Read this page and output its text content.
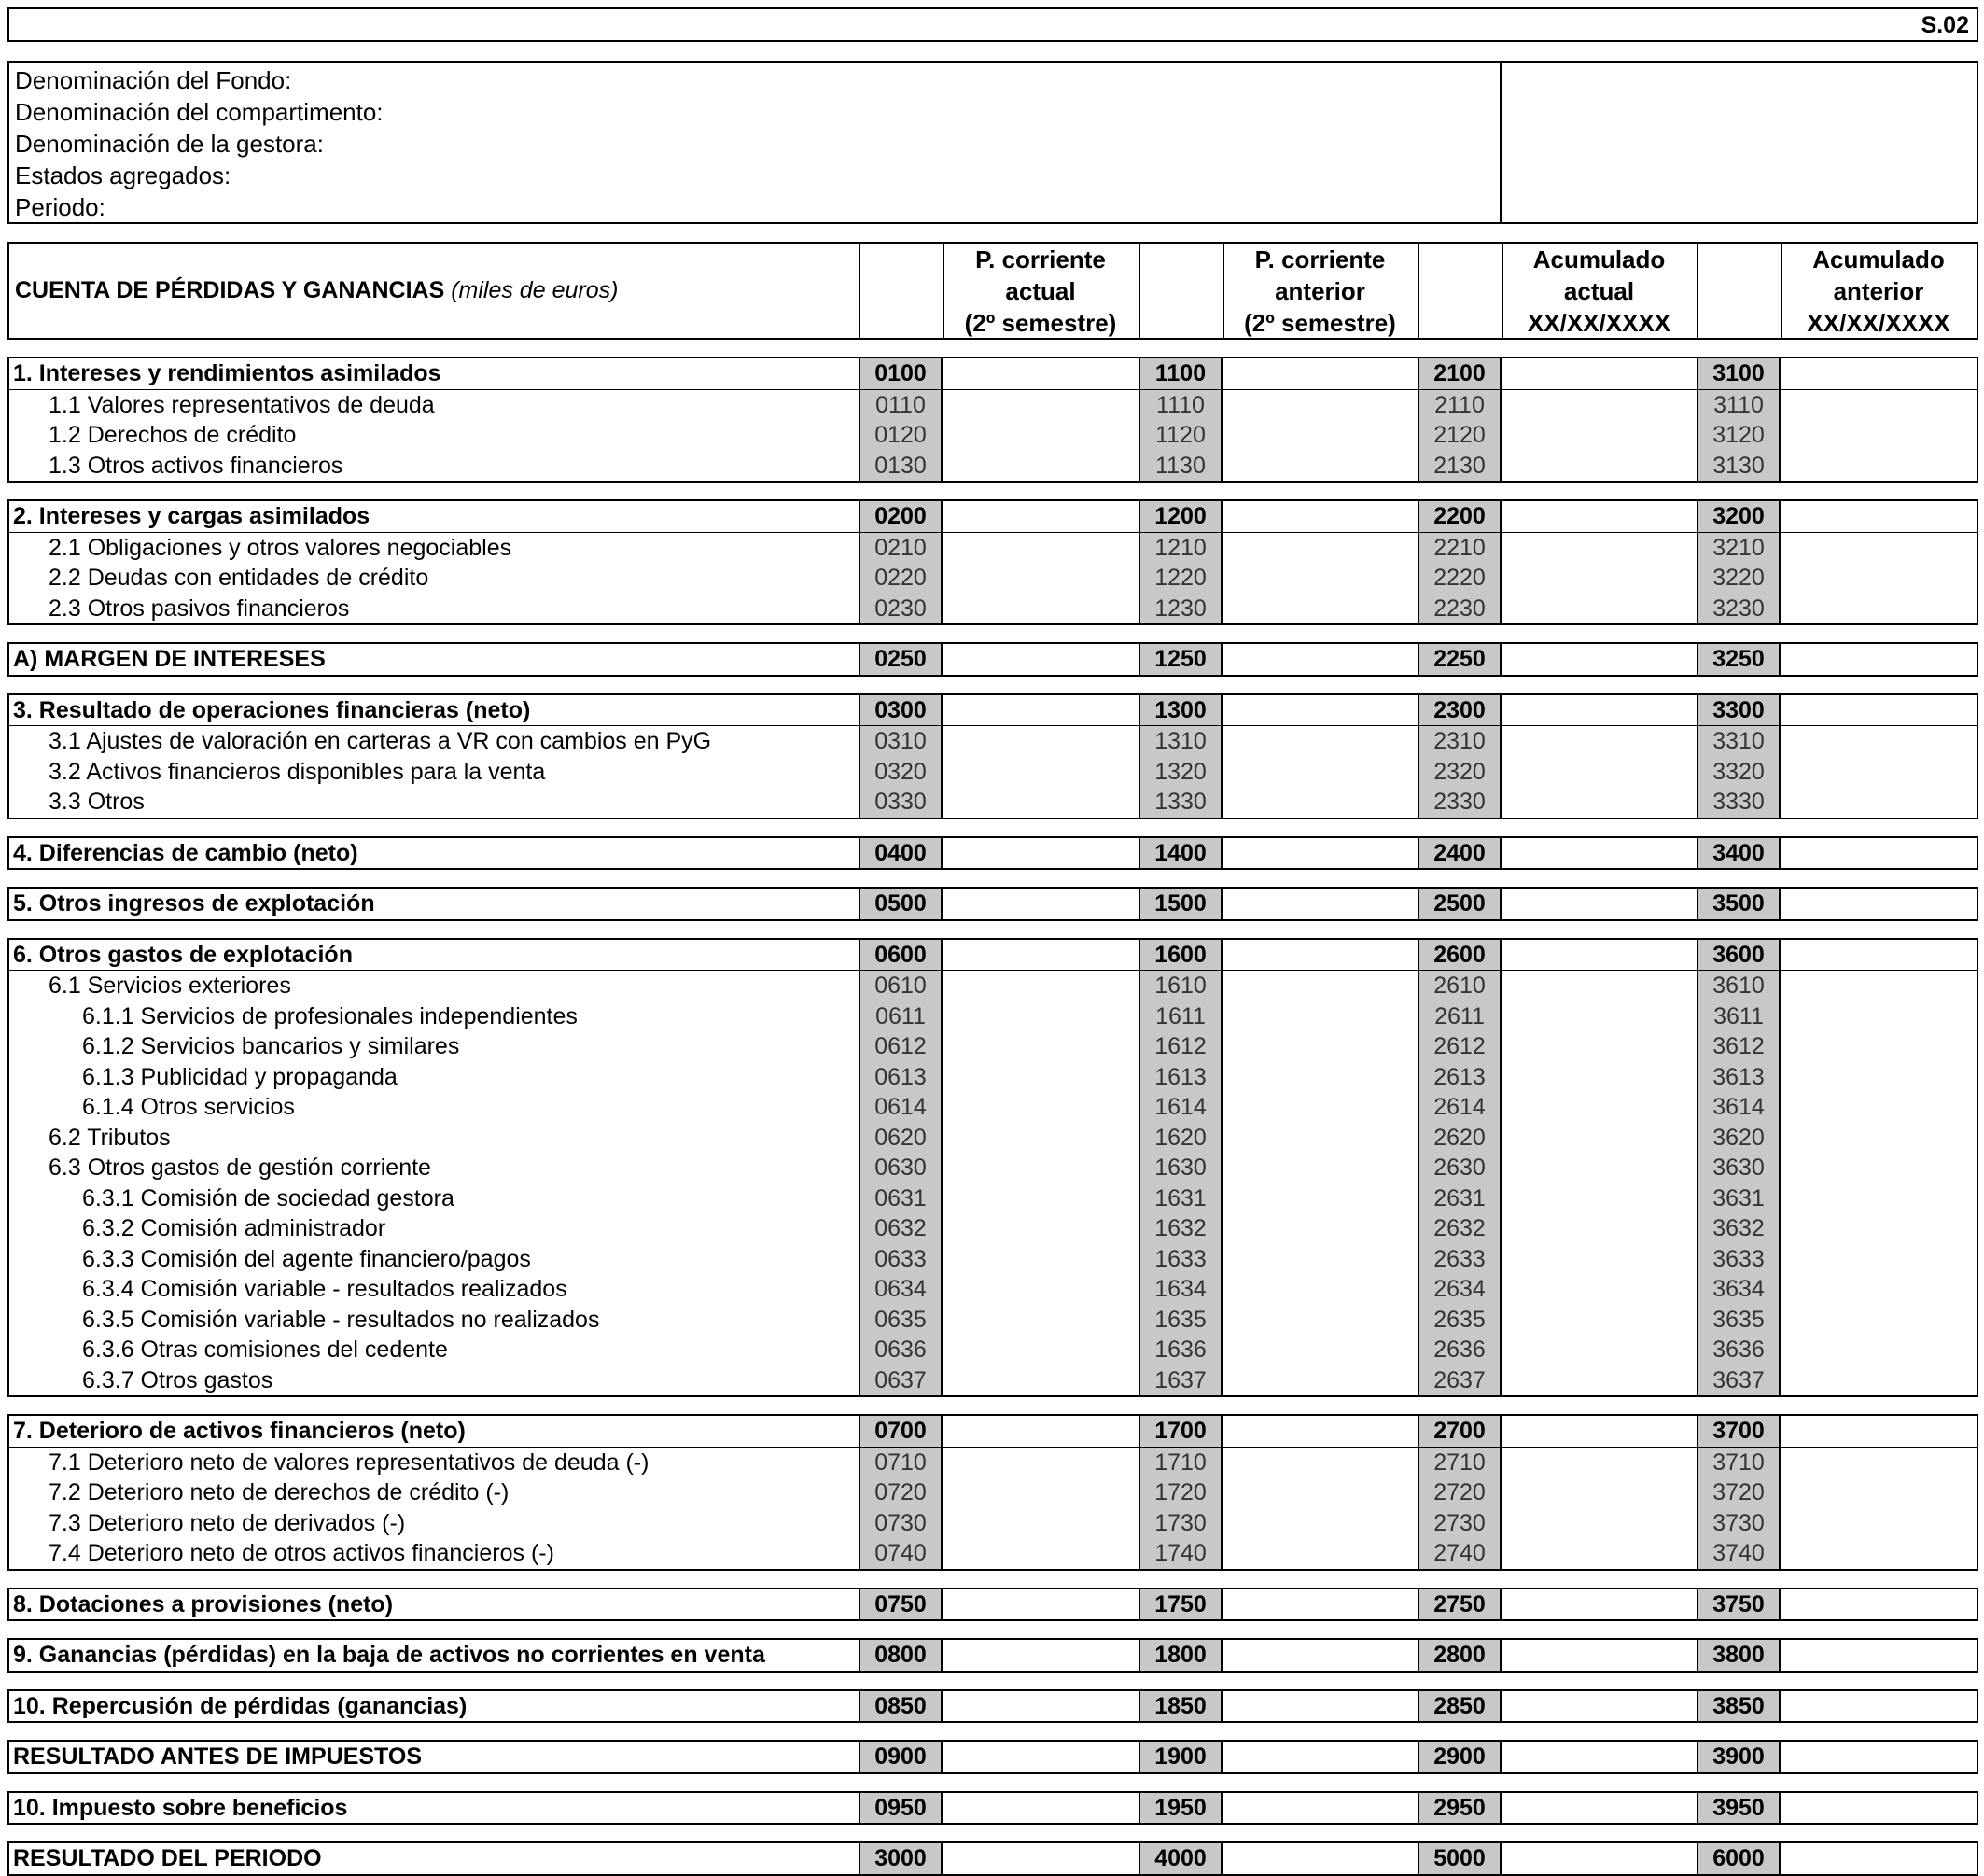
S.02
Denominación del Fondo:
Denominación del compartimento:
Denominación de la gestora:
Estados agregados:
Periodo:
CUENTA DE PÉRDIDAS Y GANANCIAS (miles de euros)
P. corriente
actual
(2º semestre)
P. corriente
anterior
(2º semestre)
Acumulado
actual
XX/XX/XXXX
Acumulado
anterior
XX/XX/XXXX
1. Intereses y rendimientos asimilados	0100	1100	2100	3100
1.1 Valores representativos de deuda	0110	1110	2110	3110
1.2 Derechos de crédito	0120	1120	2120	3120
1.3 Otros activos financieros	0130	1130	2130	3130
2. Intereses y cargas asimilados	0200	1200	2200	3200
2.1 Obligaciones y otros valores negociables	0210	1210	2210	3210
2.2 Deudas con entidades de crédito	0220	1220	2220	3220
2.3 Otros pasivos financieros	0230	1230	2230	3230
A) MARGEN DE INTERESES	0250	1250	2250	3250
3. Resultado de operaciones financieras (neto)	0300	1300	2300	3300
3.1 Ajustes de valoración en carteras a VR con cambios en PyG	0310	1310	2310	3310
3.2 Activos financieros disponibles para la venta	0320	1320	2320	3320
3.3 Otros	0330	1330	2330	3330
4. Diferencias de cambio (neto)	0400	1400	2400	3400
5. Otros ingresos de explotación	0500	1500	2500	3500
6. Otros gastos de explotación	0600	1600	2600	3600
6.1 Servicios exteriores	0610	1610	2610	3610
6.1.1 Servicios de profesionales independientes	0611	1611	2611	3611
6.1.2 Servicios bancarios y similares	0612	1612	2612	3612
6.1.3 Publicidad y propaganda	0613	1613	2613	3613
6.1.4 Otros servicios	0614	1614	2614	3614
6.2 Tributos	0620	1620	2620	3620
6.3 Otros gastos de gestión corriente	0630	1630	2630	3630
6.3.1 Comisión de sociedad gestora	0631	1631	2631	3631
6.3.2 Comisión administrador	0632	1632	2632	3632
6.3.3 Comisión del agente financiero/pagos	0633	1633	2633	3633
6.3.4 Comisión variable - resultados realizados	0634	1634	2634	3634
6.3.5 Comisión variable - resultados no realizados	0635	1635	2635	3635
6.3.6 Otras comisiones del cedente	0636	1636	2636	3636
6.3.7 Otros gastos	0637	1637	2637	3637
7. Deterioro de activos financieros (neto)	0700	1700	2700	3700
7.1 Deterioro neto de valores representativos de deuda (-)	0710	1710	2710	3710
7.2 Deterioro neto de derechos de crédito (-)	0720	1720	2720	3720
7.3 Deterioro neto de derivados (-)	0730	1730	2730	3730
7.4 Deterioro neto de otros activos financieros (-)	0740	1740	2740	3740
8. Dotaciones a provisiones (neto)	0750	1750	2750	3750
9. Ganancias (pérdidas) en la baja de activos no corrientes en venta	0800	1800	2800	3800
10. Repercusión de pérdidas (ganancias)	0850	1850	2850	3850
RESULTADO ANTES DE IMPUESTOS	0900	1900	2900	3900
10. Impuesto sobre beneficios	0950	1950	2950	3950
RESULTADO DEL PERIODO	3000	4000	5000	6000
